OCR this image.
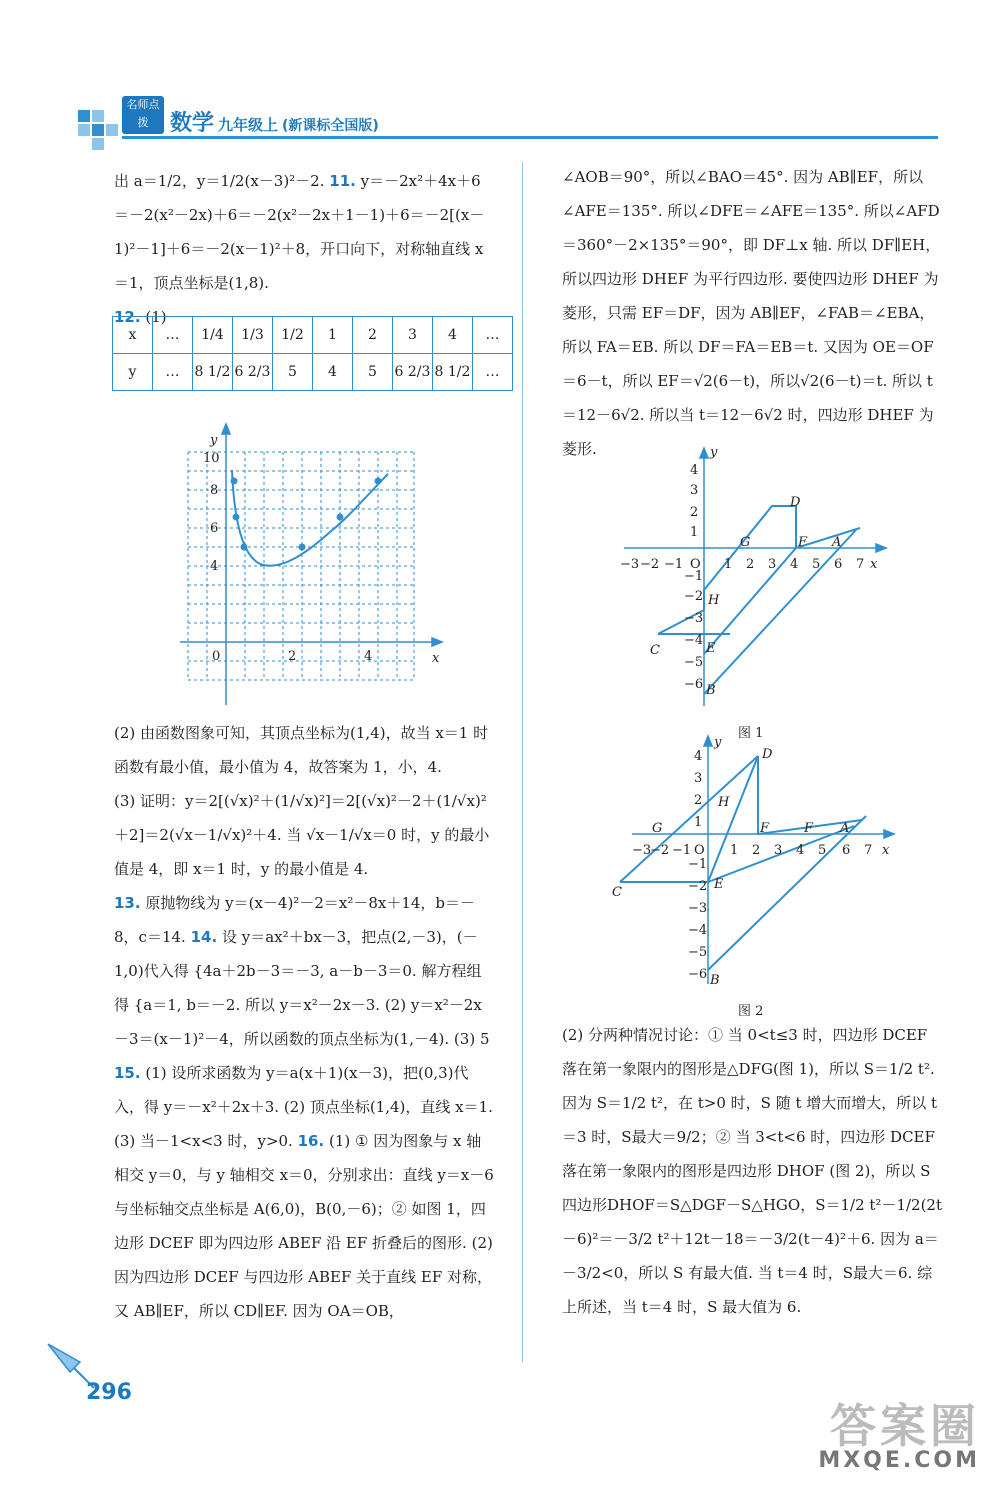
名师点拨 数学 九年级上 (新课标全国版)

出 a＝1/2，y＝1/2(x－3)²－2. 11. y＝－2x²＋4x＋6＝－2(x²－2x)＋6＝－2(x²－2x＋1－1)＋6＝－2[(x－1)²－1]＋6＝－2(x－1)²＋8，开口向下，对称轴直线 x＝1，顶点坐标是(1,8).

12. (1)

x	…	1/4	1/3	1/2	1	2	3	4	…
y	…	8 1/2	6 2/3	5	4	5	6 2/3	8 1/2	…
y
x
0	2	4
4
6
8
10

(2) 由函数图象可知，其顶点坐标为(1,4)，故当 x＝1 时函数有最小值，最小值为 4，故答案为 1，小，4.

(3) 证明：y＝2[(√x)²＋(1/√x)²]＝2[(√x)²－2＋(1/√x)²＋2]＝2(√x－1/√x)²＋4. 当 √x－1/√x＝0 时，y 的最小值是 4，即 x＝1 时，y 的最小值是 4.

13. 原抛物线为 y＝(x－4)²－2＝x²－8x＋14，b＝－8，c＝14. 14. 设 y＝ax²＋bx－3，把点(2,－3)，(－1,0)代入得 {4a＋2b－3＝－3, a－b－3＝0. 解方程组得 {a＝1, b＝－2. 所以 y＝x²－2x－3. (2) y＝x²－2x－3＝(x－1)²－4，所以函数的顶点坐标为(1,－4). (3) 5 15. (1) 设所求函数为 y＝a(x＋1)(x－3)，把(0,3)代入，得 y＝－x²＋2x＋3. (2) 顶点坐标(1,4)，直线 x＝1. (3) 当－1<x<3 时，y>0. 16. (1) ① 因为图象与 x 轴相交 y＝0，与 y 轴相交 x＝0，分别求出：直线 y＝x－6 与坐标轴交点坐标是 A(6,0)，B(0,－6)；② 如图 1，四边形 DCEF 即为四边形 ABEF 沿 EF 折叠后的图形. (2) 因为四边形 DCEF 与四边形 ABEF 关于直线 EF 对称，又 AB∥EF，所以 CD∥EF. 因为 OA＝OB，

∠AOB＝90°，所以∠BAO＝45°. 因为 AB∥EF，所以∠AFE＝135°. 所以∠DFE＝∠AFE＝135°. 所以∠AFD＝360°－2×135°＝90°，即 DF⊥x 轴. 所以 DF∥EH，所以四边形 DHEF 为平行四边形. 要使四边形 DHEF 为菱形，只需 EF＝DF，因为 AB∥EF，∠FAB＝∠EBA，所以 FA＝EB. 所以 DF＝FA＝EB＝t. 又因为 OE＝OF＝6－t，所以 EF＝√2(6－t)，所以√2(6－t)＝t. 所以 t＝12－6√2. 所以当 t＝12－6√2 时，四边形 DHEF 为菱形.	y
x
D
G	F A
H
C	E
B
−3 −2 −1 O 1 2 3 4 5 6 7
4
3
2
1
−1
−2
−3
−4
−5
−6
图 1
y
x
D
H
G	F	F A
C
E
B
−3
−2 −1 O 1 2 3 4 5 6 7
4
3
2
1
−1
−2
−3
−4
−5
−6
图 2

(2) 分两种情况讨论：① 当 0<t≤3 时，四边形 DCEF 落在第一象限内的图形是△DFG(图 1)，所以 S＝1/2 t². 因为 S＝1/2 t²，在 t>0 时，S 随 t 增大而增大，所以 t＝3 时，S最大＝9/2；② 当 3<t<6 时，四边形 DCEF 落在第一象限内的图形是四边形 DHOF (图 2)，所以 S四边形DHOF＝S△DGF－S△HGO，S＝1/2 t²－1/2(2t－6)²＝－3/2 t²＋12t－18＝－3/2(t－4)²＋6. 因为 a＝－3/2<0，所以 S 有最大值. 当 t＝4 时，S最大＝6. 综上所述，当 t＝4 时，S 最大值为 6.

296
答案圈
MXQE.COM
